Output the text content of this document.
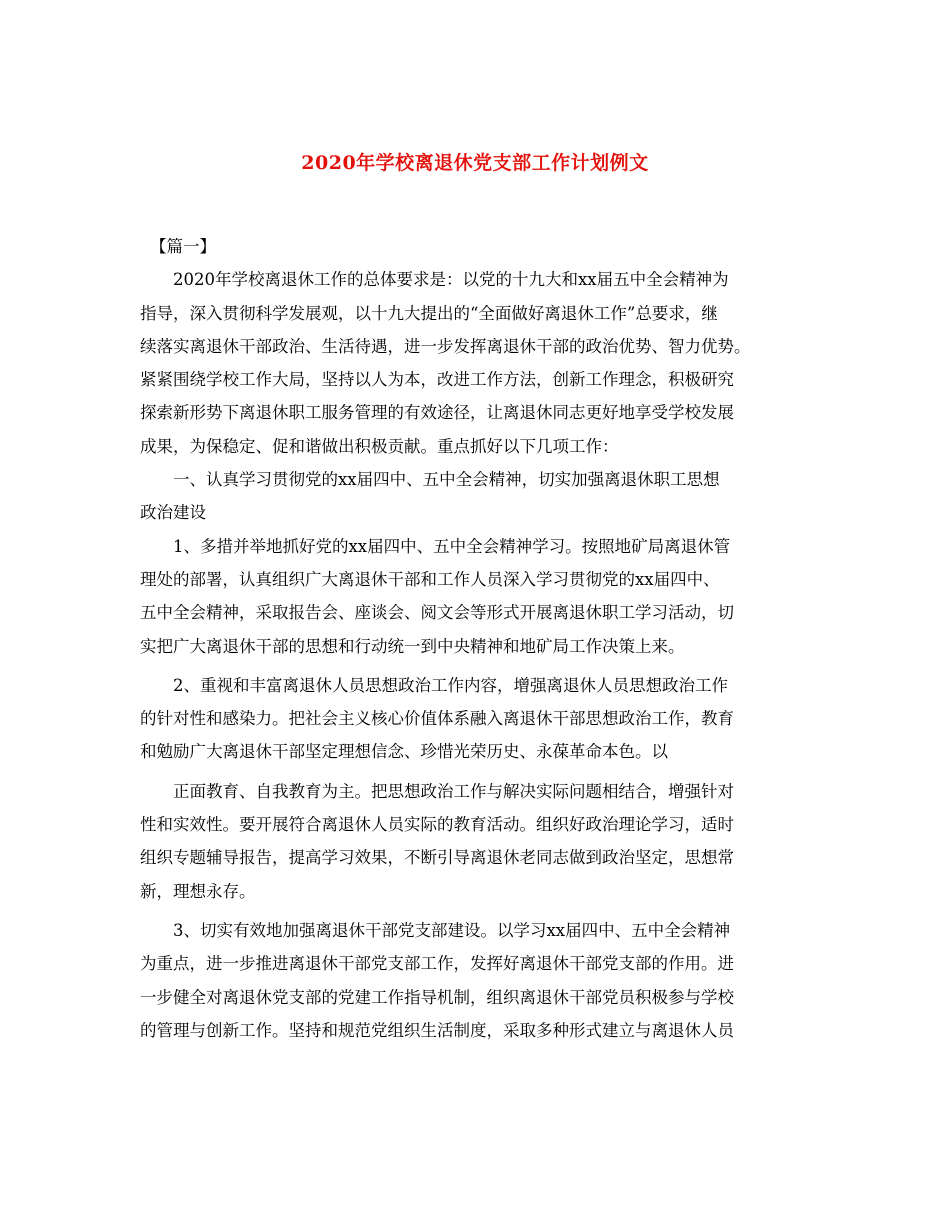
2020年学校离退休党支部工作计划例文
【篇一】
2020年学校离退休工作的总体要求是：以党的十九大和xx届五中全会精神为
指导，深入贯彻科学发展观，以十九大提出的“全面做好离退休工作”总要求，继
续落实离退休干部政治、生活待遇，进一步发挥离退休干部的政治优势、智力优势。
紧紧围绕学校工作大局，坚持以人为本，改进工作方法，创新工作理念，积极研究
探索新形势下离退休职工服务管理的有效途径，让离退休同志更好地享受学校发展
成果，为保稳定、促和谐做出积极贡献。重点抓好以下几项工作：
一、认真学习贯彻党的xx届四中、五中全会精神，切实加强离退休职工思想
政治建设
1、多措并举地抓好党的xx届四中、五中全会精神学习。按照地矿局离退休管
理处的部署，认真组织广大离退休干部和工作人员深入学习贯彻党的xx届四中、
五中全会精神，采取报告会、座谈会、阅文会等形式开展离退休职工学习活动，切
实把广大离退休干部的思想和行动统一到中央精神和地矿局工作决策上来。
2、重视和丰富离退休人员思想政治工作内容，增强离退休人员思想政治工作
的针对性和感染力。把社会主义核心价值体系融入离退休干部思想政治工作，教育
和勉励广大离退休干部坚定理想信念、珍惜光荣历史、永葆革命本色。以
正面教育、自我教育为主。把思想政治工作与解决实际问题相结合，增强针对
性和实效性。要开展符合离退休人员实际的教育活动。组织好政治理论学习，适时
组织专题辅导报告，提高学习效果，不断引导离退休老同志做到政治坚定，思想常
新，理想永存。
3、切实有效地加强离退休干部党支部建设。以学习xx届四中、五中全会精神
为重点，进一步推进离退休干部党支部工作，发挥好离退休干部党支部的作用。进
一步健全对离退休党支部的党建工作指导机制，组织离退休干部党员积极参与学校
的管理与创新工作。坚持和规范党组织生活制度，采取多种形式建立与离退休人员
